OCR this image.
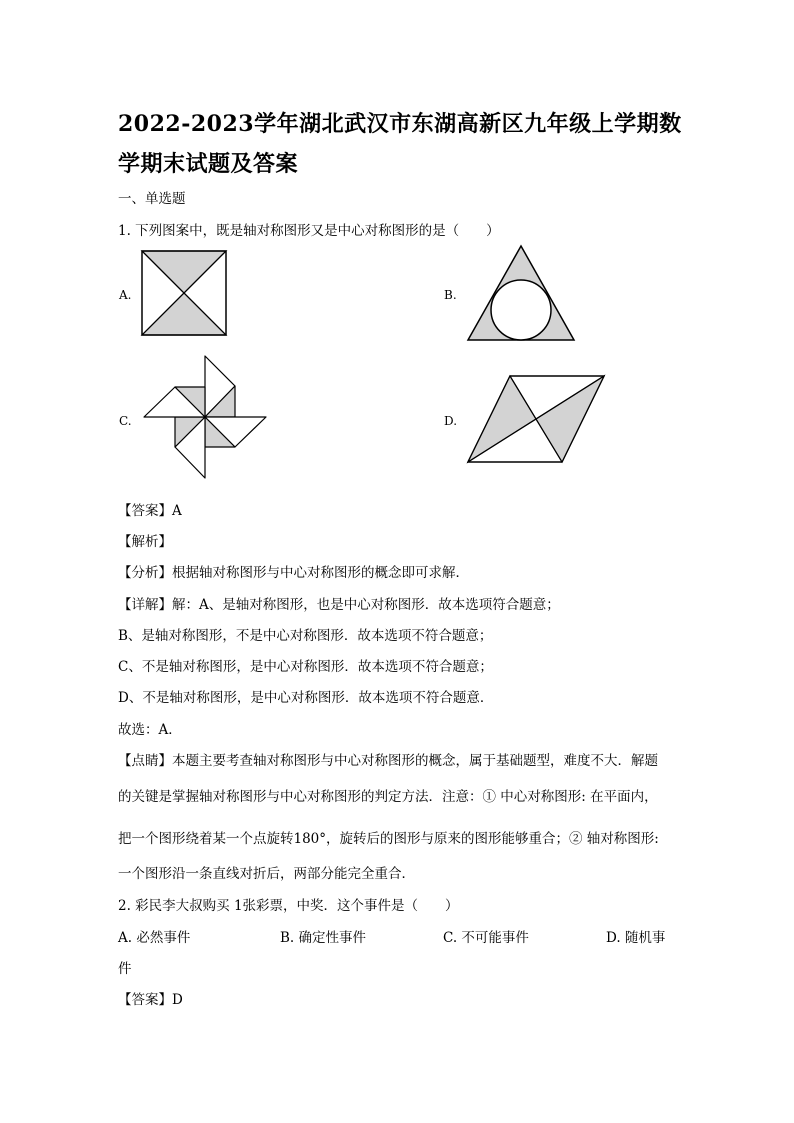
2022-2023学年湖北武汉市东湖高新区九年级上学期数学期末试题及答案
一、单选题
1. 下列图案中，既是轴对称图形又是中心对称图形的是（　　）
A.	B.
C.	D.
【答案】A
【解析】
【分析】根据轴对称图形与中心对称图形的概念即可求解．
【详解】解：A、是轴对称图形，也是中心对称图形．故本选项符合题意；
B、是轴对称图形，不是中心对称图形．故本选项不符合题意；
C、不是轴对称图形，是中心对称图形．故本选项不符合题意；
D、不是轴对称图形，是中心对称图形．故本选项不符合题意．
故选：A．
【点睛】本题主要考查轴对称图形与中心对称图形的概念，属于基础题型，难度不大．解题
的关键是掌握轴对称图形与中心对称图形的判定方法．注意：① 中心对称图形: 在平面内，
把一个图形绕着某一个点旋转180°，旋转后的图形与原来的图形能够重合；② 轴对称图形:
一个图形沿一条直线对折后，两部分能完全重合．
2. 彩民李大叔购买 1张彩票，中奖．这个事件是（　　）
A. 必然事件	B. 确定性事件	C. 不可能事件	D. 随机事
件
【答案】D
